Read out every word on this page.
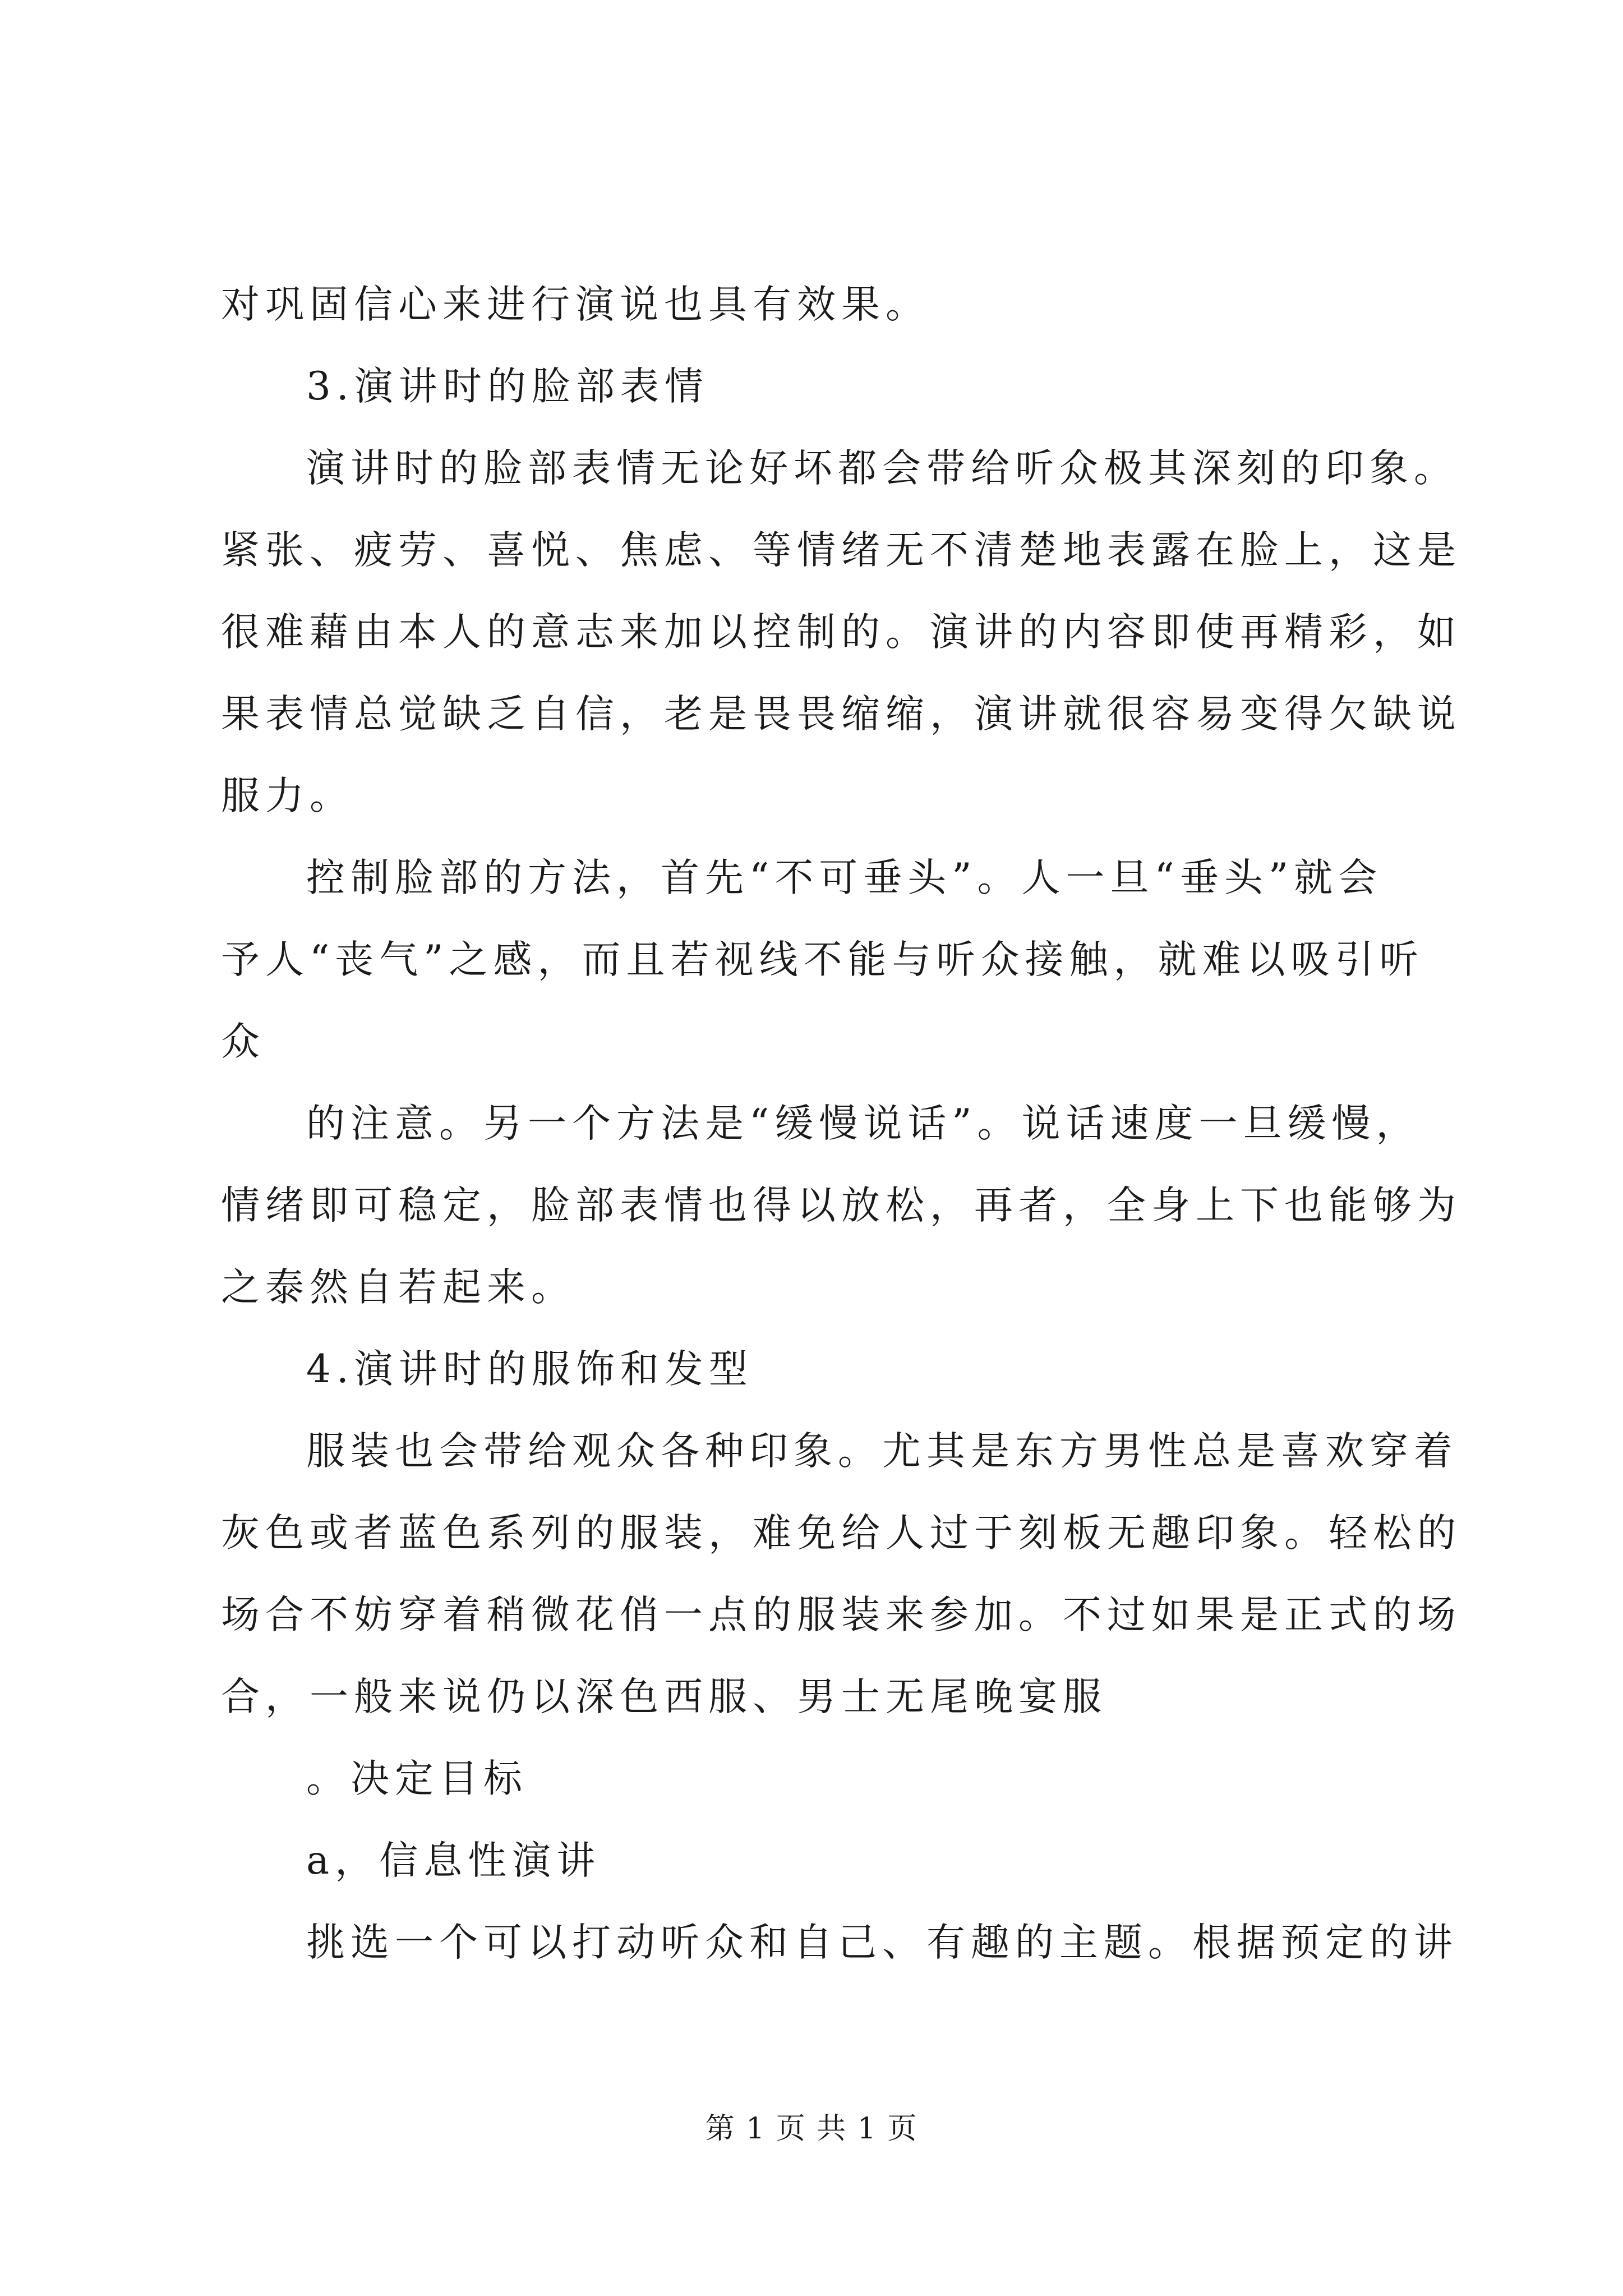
对巩固信心来进行演说也具有效果。

3.演讲时的脸部表情

演讲时的脸部表情无论好坏都会带给听众极其深刻的印象。

紧张、疲劳、喜悦、焦虑、等情绪无不清楚地表露在脸上，这是

很难藉由本人的意志来加以控制的。演讲的内容即使再精彩，如

果表情总觉缺乏自信，老是畏畏缩缩，演讲就很容易变得欠缺说

服力。

控制脸部的方法，首先“不可垂头”。人一旦“垂头”就会

予人“丧气”之感，而且若视线不能与听众接触，就难以吸引听

众

的注意。另一个方法是“缓慢说话”。说话速度一旦缓慢，

情绪即可稳定，脸部表情也得以放松，再者，全身上下也能够为

之泰然自若起来。

4.演讲时的服饰和发型

服装也会带给观众各种印象。尤其是东方男性总是喜欢穿着

灰色或者蓝色系列的服装，难免给人过于刻板无趣印象。轻松的

场合不妨穿着稍微花俏一点的服装来参加。不过如果是正式的场

合，一般来说仍以深色西服、男士无尾晚宴服

。决定目标

a，信息性演讲

挑选一个可以打动听众和自己、有趣的主题。根据预定的讲

第 1 页 共 1 页
